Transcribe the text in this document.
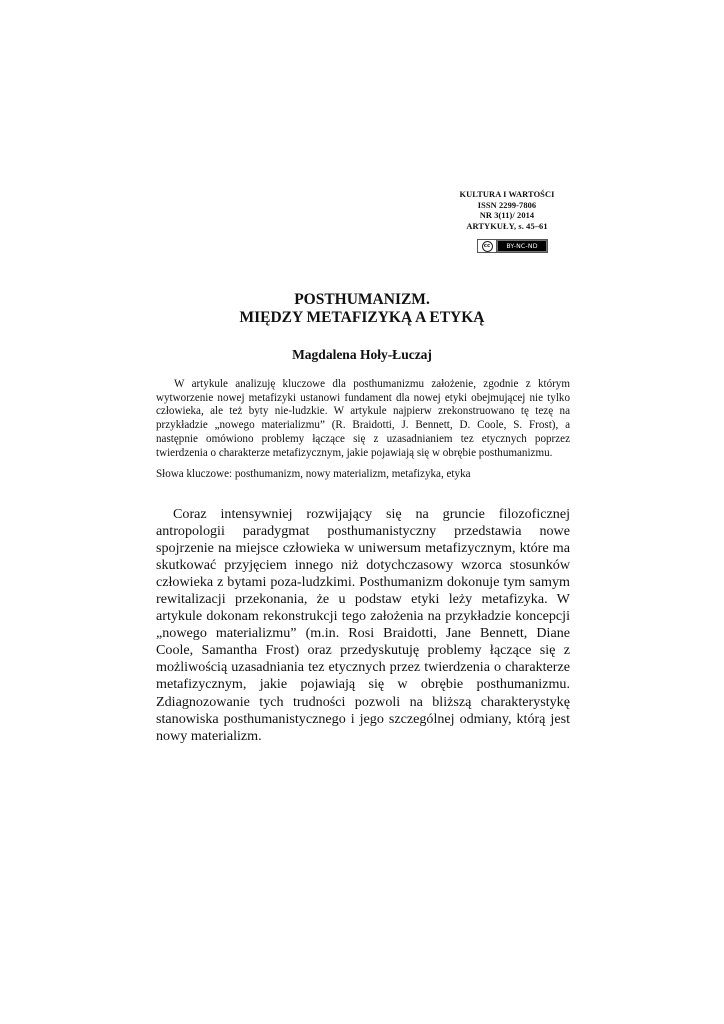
KULTURA I WARTOŚCI
ISSN 2299-7806
NR 3(11)/ 2014
ARTYKUŁY, s. 45–61
cc	BY-NC-ND
POSTHUMANIZM.
MIĘDZY METAFIZYKĄ A ETYKĄ
Magdalena Hoły-Łuczaj

W artykule analizuję kluczowe dla posthumanizmu założenie, zgodnie z którym wytworzenie nowej metafizyki ustanowi fundament dla nowej etyki obejmującej nie tylko człowieka, ale też byty nie-ludzkie. W artykule najpierw zrekonstruowano tę tezę na przykładzie „nowego materializmu” (R. Braidotti, J. Bennett, D. Coole, S. Frost), a następnie omówiono problemy łączące się z uzasadnianiem tez etycznych poprzez twierdzenia o charakterze metafizycznym, jakie pojawiają się w obrębie posthumanizmu.

Słowa kluczowe: posthumanizm, nowy materializm, metafizyka, etyka

Coraz intensywniej rozwijający się na gruncie filozoficznej antropologii paradygmat posthumanistyczny przedstawia nowe spojrzenie na miejsce człowieka w uniwersum metafizycznym, które ma skutkować przyjęciem innego niż dotychczasowy wzorca stosunków człowieka z bytami poza-ludzkimi. Posthumanizm dokonuje tym samym rewitalizacji przekonania, że u podstaw etyki leży metafizyka. W artykule dokonam rekonstrukcji tego założenia na przykładzie koncepcji „nowego materializmu” (m.in. Rosi Braidotti, Jane Bennett, Diane Coole, Samantha Frost) oraz przedyskutuję problemy łączące się z możliwością uzasadniania tez etycznych przez twierdzenia o charakterze metafizycznym, jakie pojawiają się w obrębie posthumanizmu. Zdiagnozowanie tych trudności pozwoli na bliższą charakterystykę stanowiska posthumanistycznego i jego szczególnej odmiany, którą jest nowy materializm.
